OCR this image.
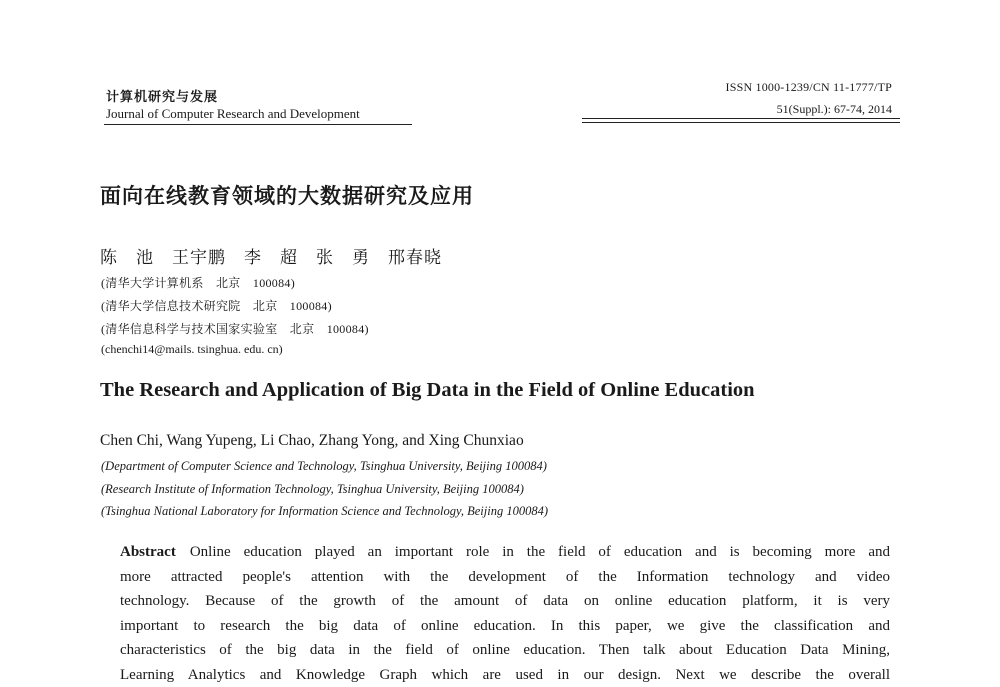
计算机研究与发展
Journal of Computer Research and Development
ISSN 1000-1239/CN 11-1777/TP
51(Suppl.): 67-74, 2014
面向在线教育领域的大数据研究及应用
陈　池　王宇鹏　李　超　张　勇　邢春晓
(清华大学计算机系　北京　100084)
(清华大学信息技术研究院　北京　100084)
(清华信息科学与技术国家实验室　北京　100084)
(chenchi14@mails. tsinghua. edu. cn)
The Research and Application of Big Data in the Field of Online Education
Chen Chi, Wang Yupeng, Li Chao, Zhang Yong, and Xing Chunxiao
(Department of Computer Science and Technology, Tsinghua University, Beijing 100084)
(Research Institute of Information Technology, Tsinghua University, Beijing 100084)
(Tsinghua National Laboratory for Information Science and Technology, Beijing 100084)
Abstract Online education played an important role in the field of education and is becoming more and
more attracted people's attention with the development of the Information technology and video
technology. Because of the growth of the amount of data on online education platform, it is very
important to research the big data of online education. In this paper, we give the classification and
characteristics of the big data in the field of online education. Then talk about Education Data Mining,
Learning Analytics and Knowledge Graph which are used in our design. Next we describe the overall
